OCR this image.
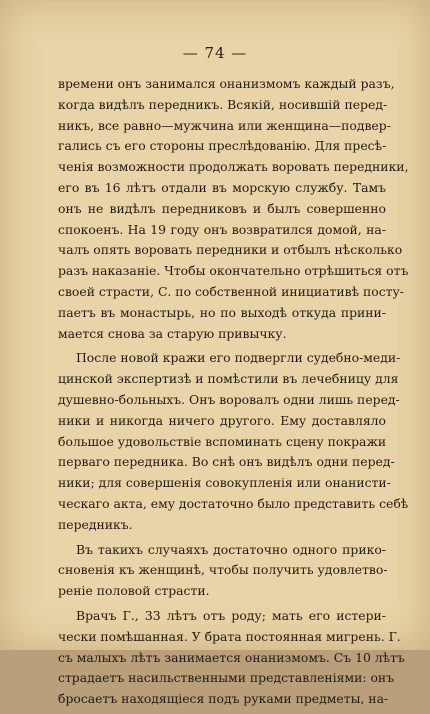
— 74 —
времени онъ занимался онанизмомъ каждый разъ,
когда видѣлъ передникъ. Всякій, носившій перед-
никъ, все равно—мужчина или женщина—подвер-
гались съ его стороны преслѣдованію. Для пресѣ-
ченія возможности продолжать воровать передники,
его въ 16 лѣтъ отдали въ морскую службу. Тамъ
онъ не видѣлъ передниковъ и былъ совершенно
спокоенъ. На 19 году онъ возвратился домой, на-
чалъ опять воровать передники и отбылъ нѣсколько
разъ наказаніе. Чтобы окончательно отрѣшиться отъ
своей страсти, С. по собственной инициативѣ посту-
паетъ въ монастырь, но по выходѣ откуда прини-
мается снова за старую привычку.
После новой кражи его подвергли судебно-меди-
цинской экспертизѣ и помѣстили въ лечебницу для
душевно-больныхъ. Онъ воровалъ одни лишь перед-
ники и никогда ничего другого. Ему доставляло
большое удовольствіе вспоминать сцену покражи
перваго передника. Во снѣ онъ видѣлъ одни перед-
ники; для совершенія совокупленія или онанисти-
ческаго акта, ему достаточно было представить себѣ
передникъ.
Въ такихъ случаяхъ достаточно одного прико-
сновенія къ женщинѣ, чтобы получить удовлетво-
реніе половой страсти.
Врачъ Г., 33 лѣтъ отъ роду; мать его истери-
чески помѣшанная. У брата постоянная мигрень. Г.
съ малыхъ лѣтъ занимается онанизмомъ. Съ 10 лѣтъ
страдаетъ насильственными представленіями: онъ
бросаетъ находящіеся подъ руками предметы, на-
